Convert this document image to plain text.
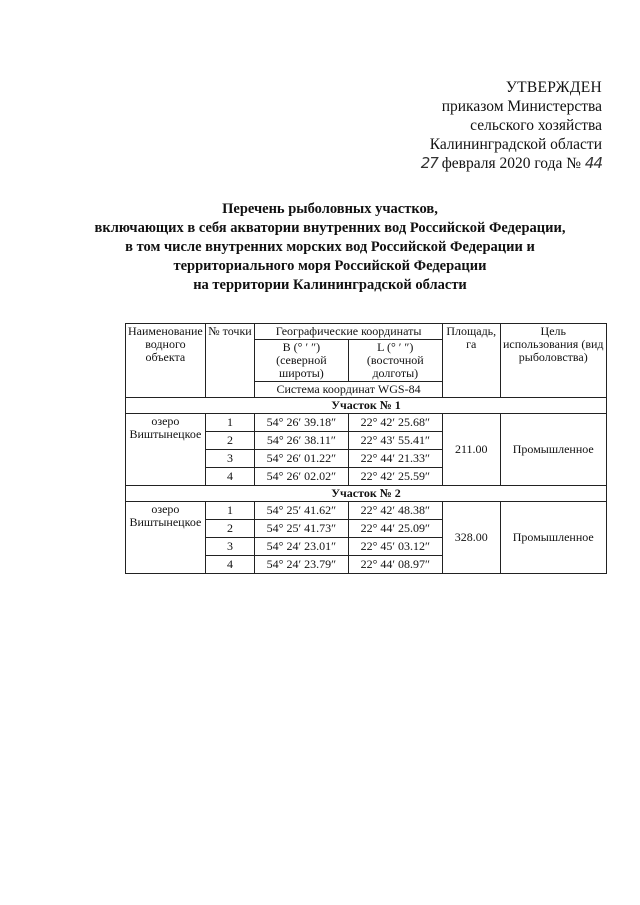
УТВЕРЖДЕН
приказом Министерства
сельского хозяйства
Калининградской области
27 февраля 2020 года № 44
Перечень рыболовных участков,
включающих в себя акватории внутренних вод Российской Федерации,
в том числе внутренних морских вод Российской Федерации и
территориального моря Российской Федерации
на территории Калининградской области
Наименование водного объекта	№ точки	Географические координаты		Площадь, га	Цель использования (вид рыболовства)
		B (° ′ ″) (северной широты)	L (° ′ ″) (восточной долготы)		
		Система координат WGS-84			
Участок № 1					
озеро Виштынецкое	1	54° 26′ 39.18″	22° 42′ 25.68″	211.00	Промышленное
	2	54° 26′ 38.11″	22° 43′ 55.41″		
	3	54° 26′ 01.22″	22° 44′ 21.33″		
	4	54° 26′ 02.02″	22° 42′ 25.59″		
Участок № 2					
озеро Виштынецкое	1	54° 25′ 41.62″	22° 42′ 48.38″	328.00	Промышленное
	2	54° 25′ 41.73″	22° 44′ 25.09″		
	3	54° 24′ 23.01″	22° 45′ 03.12″		
	4	54° 24′ 23.79″	22° 44′ 08.97″		
